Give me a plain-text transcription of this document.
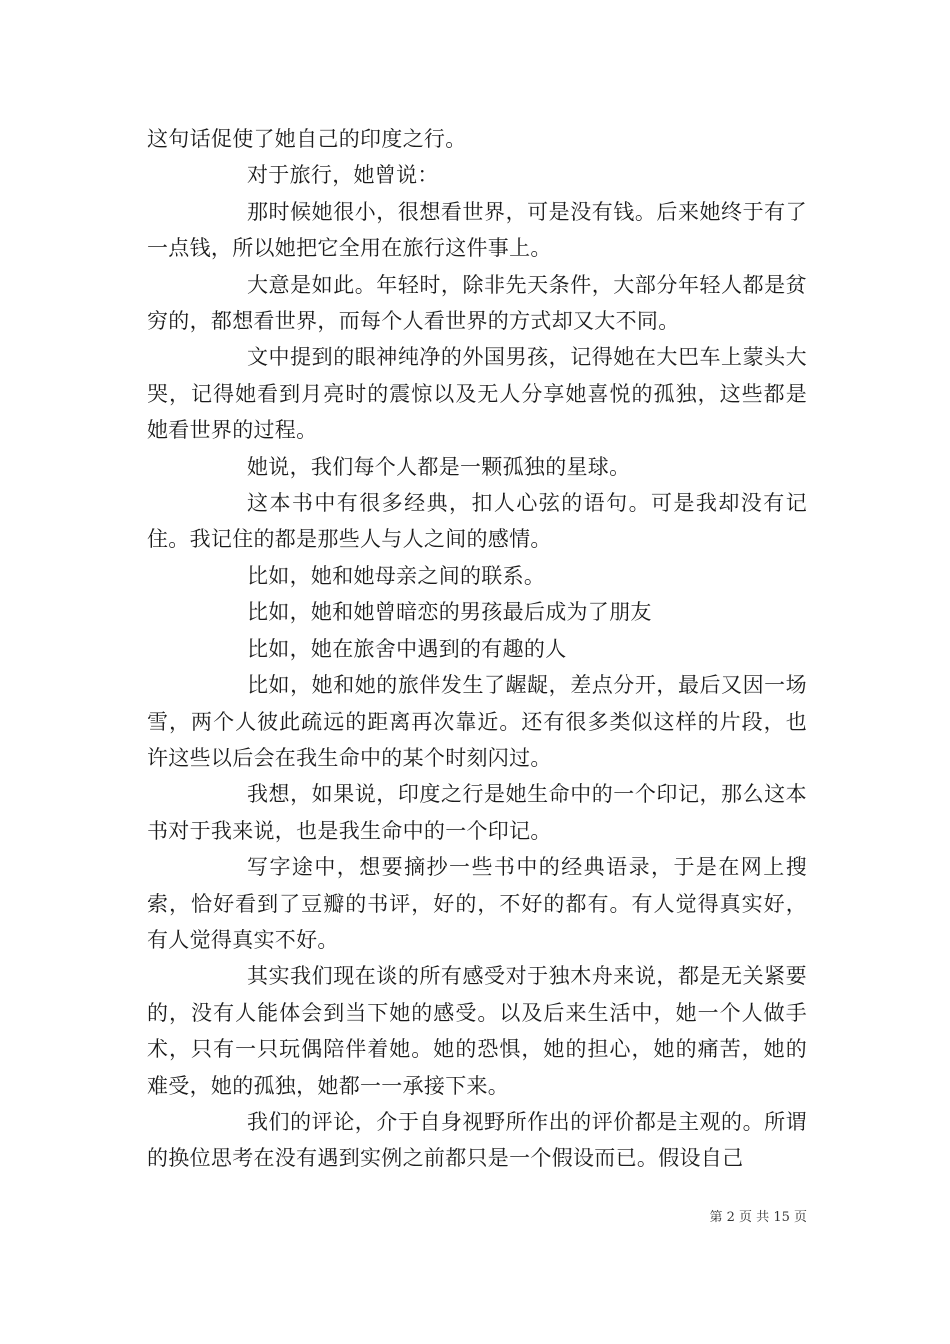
这句话促使了她自己的印度之行。

对于旅行，她曾说：

那时候她很小，很想看世界，可是没有钱。后来她终于有了一点钱，所以她把它全用在旅行这件事上。

大意是如此。年轻时，除非先天条件，大部分年轻人都是贫穷的，都想看世界，而每个人看世界的方式却又大不同。

文中提到的眼神纯净的外国男孩，记得她在大巴车上蒙头大哭，记得她看到月亮时的震惊以及无人分享她喜悦的孤独，这些都是她看世界的过程。

她说，我们每个人都是一颗孤独的星球。

这本书中有很多经典，扣人心弦的语句。可是我却没有记住。我记住的都是那些人与人之间的感情。

比如，她和她母亲之间的联系。

比如，她和她曾暗恋的男孩最后成为了朋友

比如，她在旅舍中遇到的有趣的人

比如，她和她的旅伴发生了龌龊，差点分开，最后又因一场雪，两个人彼此疏远的距离再次靠近。还有很多类似这样的片段，也许这些以后会在我生命中的某个时刻闪过。

我想，如果说，印度之行是她生命中的一个印记，那么这本书对于我来说，也是我生命中的一个印记。

写字途中，想要摘抄一些书中的经典语录，于是在网上搜索，恰好看到了豆瓣的书评，好的，不好的都有。有人觉得真实好，有人觉得真实不好。

其实我们现在谈的所有感受对于独木舟来说，都是无关紧要的，没有人能体会到当下她的感受。以及后来生活中，她一个人做手术，只有一只玩偶陪伴着她。她的恐惧，她的担心，她的痛苦，她的难受，她的孤独，她都一一承接下来。

我们的评论，介于自身视野所作出的评价都是主观的。所谓的换位思考在没有遇到实例之前都只是一个假设而已。假设自己

第 2 页 共 15 页
